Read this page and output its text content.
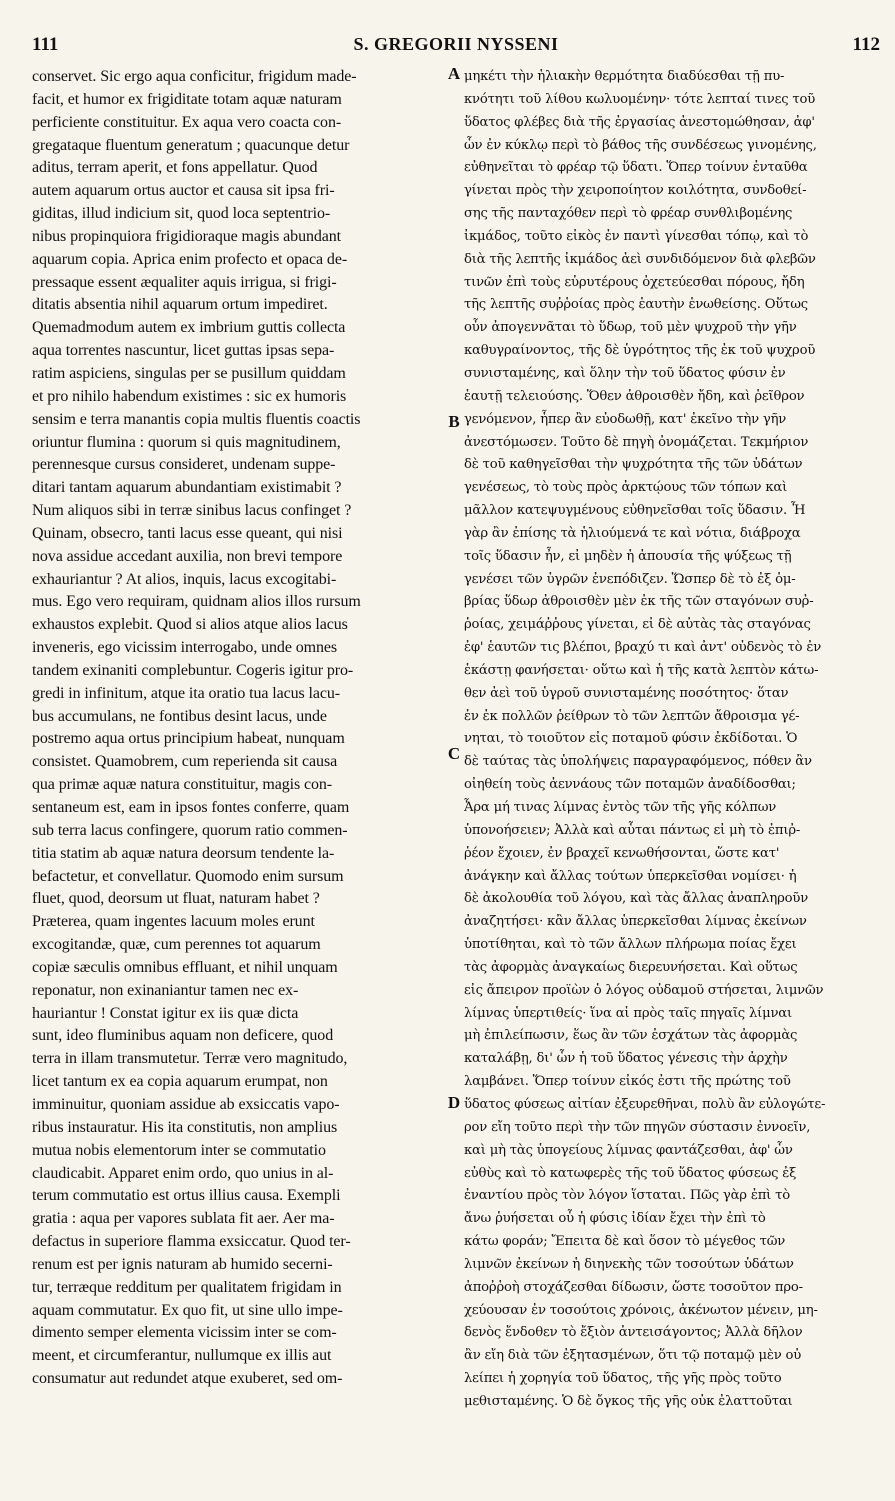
111	S. GREGORII NYSSENI	112
conservet. Sic ergo aqua conficitur, frigidum made-
facit, et humor ex frigiditate totam aquæ naturam
perficiente constituitur. Ex aqua vero coacta con-
gregataque fluentum generatum ; quacunque detur
aditus, terram aperit, et fons appellatur. Quod
autem aquarum ortus auctor et causa sit ipsa fri-
giditas, illud indicium sit, quod loca septentrio-
nibus propinquiora frigidioraque magis abundant
aquarum copia. Aprica enim profecto et opaca de-
pressaque essent æqualiter aquis irrigua, si frigi-
ditatis absentia nihil aquarum ortum impediret.
Quemadmodum autem ex imbrium guttis collecta
aqua torrentes nascuntur, licet guttas ipsas sepa-
ratim aspiciens, singulas per se pusillum quiddam
et pro nihilo habendum existimes : sic ex humoris
sensim e terra manantis copia multis fluentis coactis
oriuntur flumina : quorum si quis magnitudinem,
perennesque cursus consideret, undenam suppe-
ditari tantam aquarum abundantiam existimabit ?
Num aliquos sibi in terræ sinibus lacus confinget ?
Quinam, obsecro, tanti lacus esse queant, qui nisi
nova assidue accedant auxilia, non brevi tempore
exhauriantur ? At alios, inquis, lacus excogitabi-
mus. Ego vero requiram, quidnam alios illos rursum
exhaustos explebit. Quod si alios atque alios lacus
inveneris, ego vicissim interrogabo, unde omnes
tandem exinaniti complebuntur. Cogeris igitur pro-
gredi in infinitum, atque ita oratio tua lacus lacu-
bus accumulans, ne fontibus desint lacus, unde
postremo aqua ortus principium habeat, nunquam
consistet. Quamobrem, cum reperienda sit causa
qua primæ aquæ natura constituitur, magis con-
sentaneum est, eam in ipsos fontes conferre, quam
sub terra lacus confingere, quorum ratio commen-
titia statim ab aquæ natura deorsum tendente la-
befactetur, et convellatur. Quomodo enim sursum
fluet, quod, deorsum ut fluat, naturam habet ?
Præterea, quam ingentes lacuum moles erunt
excogitandæ, quæ, cum perennes tot aquarum
copiæ sæculis omnibus effluant, et nihil unquam
reponatur, non exinaniantur tamen nec ex-
hauriantur ! Constat igitur ex iis quæ dicta
sunt, ideo fluminibus aquam non deficere, quod
terra in illam transmutetur. Terræ vero magnitudo,
licet tantum ex ea copia aquarum erumpat, non
imminuitur, quoniam assidue ab exsiccatis vapo-
ribus instauratur. His ita constitutis, non amplius
mutua nobis elementorum inter se commutatio
claudicabit. Apparet enim ordo, quo unius in al-
terum commutatio est ortus illius causa. Exempli
gratia : aqua per vapores sublata fit aer. Aer ma-
defactus in superiore flamma exsiccatur. Quod ter-
renum est per ignis naturam ab humido secerni-
tur, terræque redditum per qualitatem frigidam in
aquam commutatur. Ex quo fit, ut sine ullo impe-
dimento semper elementa vicissim inter se com-
meent, et circumferantur, nullumque ex illis aut
consumatur aut redundet atque exuberet, sed om-
μηκέτι τὴν ἡλιακὴν θερμότητα διαδύεσθαι τῇ πυ-
κνότητι τοῦ λίθου κωλυομένην· τότε λεπταί τινες τοῦ
ὕδατος φλέβες διὰ τῆς ἐργασίας ἀνεστομώθησαν, ἀφ'
ὧν ἐν κύκλῳ περὶ τὸ βάθος τῆς συνδέσεως γινομένης,
εὐθηνεῖται τὸ φρέαρ τῷ ὕδατι. Ὅπερ τοίνυν ἐνταῦθα
γίνεται πρὸς τὴν χειροποίητον κοιλότητα, συνδοθεί-
σης τῆς πανταχόθεν περὶ τὸ φρέαρ συνθλιβομένης
ἰκμάδος, τοῦτο εἰκὸς ἐν παντὶ γίνεσθαι τόπῳ, καὶ τὸ
διὰ τῆς λεπτῆς ἰκμάδος ἀεὶ συνδιδόμενον διὰ φλεβῶν
τινῶν ἐπὶ τοὺς εὐρυτέρους ὀχετεύεσθαι πόρους, ἤδη
τῆς λεπτῆς συῤῥοίας πρὸς ἑαυτὴν ἑνωθείσης. Οὕτως
οὖν ἀπογεννᾶται τὸ ὕδωρ, τοῦ μὲν ψυχροῦ τὴν γῆν
καθυγραίνοντος, τῆς δὲ ὑγρότητος τῆς ἐκ τοῦ ψυχροῦ
συνισταμένης, καὶ ὅλην τὴν τοῦ ὕδατος φύσιν ἐν
ἑαυτῇ τελειούσης. Ὅθεν ἀθροισθὲν ἤδη, καὶ ῥεῖθρον
γενόμενον, ἧπερ ἂν εὐοδωθῇ, κατ' ἐκεῖνο τὴν γῆν
ἀνεστόμωσεν. Τοῦτο δὲ πηγὴ ὀνομάζεται. Τεκμήριον
δὲ τοῦ καθηγεῖσθαι τὴν ψυχρότητα τῆς τῶν ὑδάτων
γενέσεως, τὸ τοὺς πρὸς ἀρκτῴους τῶν τόπων καὶ
μᾶλλον κατεψυγμένους εὐθηνεῖσθαι τοῖς ὕδασιν. Ἦ
γὰρ ἂν ἐπίσης τὰ ἡλιούμενά τε καὶ νότια, διάβροχα
τοῖς ὕδασιν ἦν, εἰ μηδὲν ἡ ἀπουσία τῆς ψύξεως τῇ
γενέσει τῶν ὑγρῶν ἐνεπόδιζεν. Ὥσπερ δὲ τὸ ἐξ ὀμ-
βρίας ὕδωρ ἀθροισθὲν μὲν ἐκ τῆς τῶν σταγόνων συῤ-
ῥοίας, χειμάῤῥους γίνεται, εἰ δὲ αὐτὰς τὰς σταγόνας
ἐφ' ἑαυτῶν τις βλέποι, βραχύ τι καὶ ἀντ' οὐδενὸς τὸ ἐν
ἑκάστῃ φανήσεται· οὕτω καὶ ἡ τῆς κατὰ λεπτὸν κάτω-
θεν ἀεὶ τοῦ ὑγροῦ συνισταμένης ποσότητος· ὅταν
ἐν ἐκ πολλῶν ῥείθρων τὸ τῶν λεπτῶν ἄθροισμα γέ-
νηται, τὸ τοιοῦτον εἰς ποταμοῦ φύσιν ἐκδίδοται. Ὁ
δὲ ταύτας τὰς ὑπολήψεις παραγραφόμενος, πόθεν ἂν
οἰηθείη τοὺς ἀεννάους τῶν ποταμῶν ἀναδίδοσθαι;
Ἆρα μή τινας λίμνας ἐντὸς τῶν τῆς γῆς κόλπων
ὑπονοήσειεν; Ἀλλὰ καὶ αὗται πάντως εἰ μὴ τὸ ἐπιῤ-
ῥέον ἔχοιεν, ἐν βραχεῖ κενωθήσονται, ὥστε κατ'
ἀνάγκην καὶ ἄλλας τούτων ὑπερκεῖσθαι νομίσει· ἡ
δὲ ἀκολουθία τοῦ λόγου, καὶ τὰς ἄλλας ἀναπληροῦν
ἀναζητήσει· κἂν ἄλλας ὑπερκεῖσθαι λίμνας ἐκείνων
ὑποτίθηται, καὶ τὸ τῶν ἄλλων πλήρωμα ποίας ἔχει
τὰς ἀφορμὰς ἀναγκαίως διερευνήσεται. Καὶ οὕτως
εἰς ἄπειρον προϊὼν ὁ λόγος οὐδαμοῦ στήσεται, λιμνῶν
λίμνας ὑπερτιθείς· ἵνα αἱ πρὸς ταῖς πηγαῖς λίμναι
μὴ ἐπιλείπωσιν, ἕως ἂν τῶν ἐσχάτων τὰς ἀφορμὰς
καταλάβῃ, δι' ὧν ἡ τοῦ ὕδατος γένεσις τὴν ἀρχὴν
λαμβάνει. Ὅπερ τοίνυν εἰκός ἐστι τῆς πρώτης τοῦ
ὕδατος φύσεως αἰτίαν ἐξευρεθῆναι, πολὺ ἂν εὐλογώτε-
ρον εἴη τοῦτο περὶ τὴν τῶν πηγῶν σύστασιν ἐννοεῖν,
καὶ μὴ τὰς ὑπογείους λίμνας φαντάζεσθαι, ἀφ' ὧν
εὐθὺς καὶ τὸ κατωφερὲς τῆς τοῦ ὕδατος φύσεως ἐξ
ἐναντίου πρὸς τὸν λόγον ἵσταται. Πῶς γὰρ ἐπὶ τὸ
ἄνω ῥυήσεται οὗ ἡ φύσις ἰδίαν ἔχει τὴν ἐπὶ τὸ
κάτω φοράν; Ἔπειτα δὲ καὶ ὅσον τὸ μέγεθος τῶν
λιμνῶν ἐκείνων ἡ διηνεκὴς τῶν τοσούτων ὑδάτων
ἀποῤῥοὴ στοχάζεσθαι δίδωσιν, ὥστε τοσοῦτον προ-
χεύουσαν ἐν τοσούτοις χρόνοις, ἀκένωτον μένειν, μη-
δενὸς ἔνδοθεν τὸ ἔξιὸν ἀντεισάγοντος; Ἀλλὰ δῆλον
ἂν εἴη διὰ τῶν ἐξητασμένων, ὅτι τῷ ποταμῷ μὲν οὐ
λείπει ἡ χορηγία τοῦ ὕδατος, τῆς γῆς πρὸς τοῦτο
μεθισταμένης. Ὁ δὲ ὄγκος τῆς γῆς οὐκ ἐλαττοῦται
A
B
C
D
